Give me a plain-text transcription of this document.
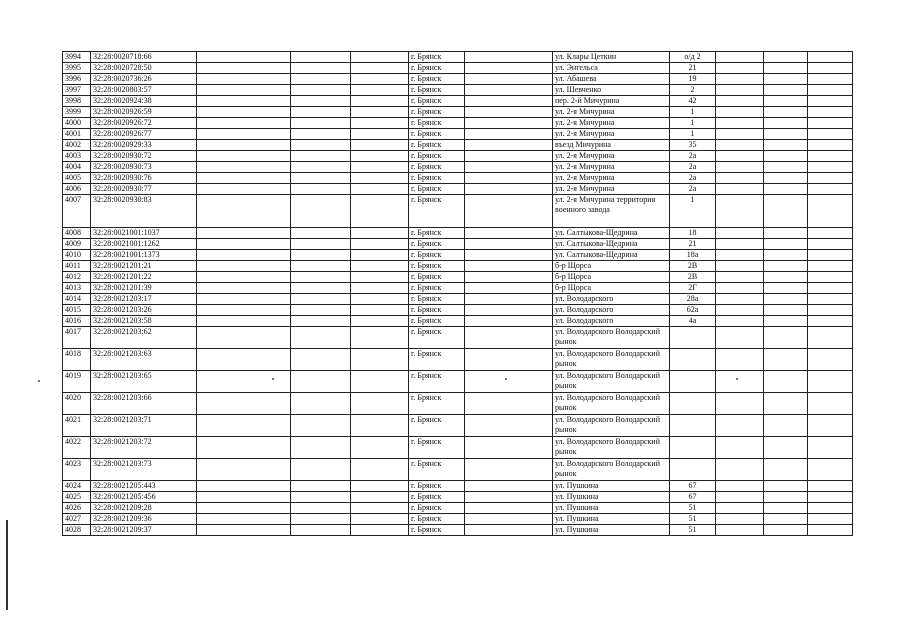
3994	32:28:0020718:66				г. Брянск		ул. Клары Цеткин	о/д 2			
3995	32:28:0020728:50				г. Брянск		ул. Энгельса	21			
3996	32:28:0020736:26				г. Брянск		ул. Абашева	19			
3997	32:28:0020803:57				г. Брянск		ул. Шевченко	2			
3998	32:28:0020924:38				г. Брянск		пер. 2-й Мичурина	42			
3999	32:28:0020926:59				г. Брянск		ул. 2-я Мичурина	1			
4000	32:28:0020926:72				г. Брянск		ул. 2-я Мичурина	1			
4001	32:28:0020926:77				г. Брянск		ул. 2-я Мичурина	1			
4002	32:28:0020929:33				г. Брянск		въезд Мичурина	35			
4003	32:28:0020930:72				г. Брянск		ул. 2-я Мичурина	2а			
4004	32:28:0020930:73				г. Брянск		ул. 2-я Мичурина	2а			
4005	32:28:0020930:76				г. Брянск		ул. 2-я Мичурина	2а			
4006	32:28:0020930:77				г. Брянск		ул. 2-я Мичурина	2а			
4007	32:28:0020930:83				г. Брянск		ул. 2-я Мичурина территория военного завода	1			
4008	32:28:0021001:1037				г. Брянск		ул. Салтыкова-Щедрина	18			
4009	32:28:0021001:1262				г. Брянск		ул. Салтыкова-Щедрина	21			
4010	32:28:0021001:1373				г. Брянск		ул. Салтыкова-Щедрина	18а			
4011	32:28:0021201:21				г. Брянск		б-р Щорса	2В			
4012	32:28:0021201:22				г. Брянск		б-р Щорса	2В			
4013	32:28:0021201:39				г. Брянск		б-р Щорса	2Г			
4014	32:28:0021203:17				г. Брянск		ул. Володарского	28а			
4015	32:28:0021203:26				г. Брянск		ул. Володарского	62а			
4016	32:28:0021203:58				г. Брянск		ул. Володарского	4а			
4017	32:28:0021203:62				г. Брянск		ул. Володарского Володарский рынок				
4018	32:28:0021203:63				г. Брянск		ул. Володарского Володарский рынок				
4019	32:28:0021203:65				г. Брянск		ул. Володарского Володарский рынок				
4020	32:28:0021203:66				г. Брянск		ул. Володарского Володарский рынок				
4021	32:28:0021203:71				г. Брянск		ул. Володарского Володарский рынок				
4022	32:28:0021203:72				г. Брянск		ул. Володарского Володарский рынок				
4023	32:28:0021203:73				г. Брянск		ул. Володарского Володарский рынок				
4024	32:28:0021205:443				г. Брянск		ул. Пушкина	67			
4025	32:28:0021205:456				г. Брянск		ул. Пушкина	67			
4026	32:28:0021209:28				г. Брянск		ул. Пушкина	51			
4027	32:28:0021209:36				г. Брянск		ул. Пушкина	51			
4028	32:28:0021209:37				г. Брянск		ул. Пушкина	51			
